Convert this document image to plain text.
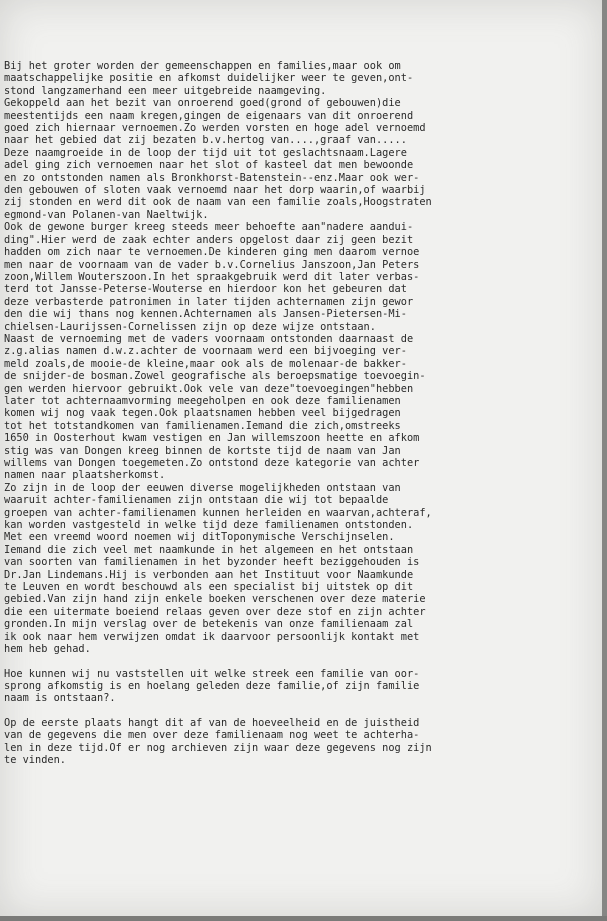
Bij het groter worden der gemeenschappen en families,maar ook om
maatschappelijke positie en afkomst duidelijker weer te geven,ont-
stond langzamerhand een meer uitgebreide naamgeving.
Gekoppeld aan het bezit van onroerend goed(grond of gebouwen)die
meestentijds een naam kregen,gingen de eigenaars van dit onroerend
goed zich hiernaar vernoemen.Zo werden vorsten en hoge adel vernoemd
naar het gebied dat zij bezaten b.v.hertog van....,graaf van.....
Deze naamgroeide in de loop der tijd uit tot geslachtsnaam.Lagere
adel ging zich vernoemen naar het slot of kasteel dat men bewoonde
en zo ontstonden namen als Bronkhorst-Batenstein--enz.Maar ook wer-
den gebouwen of sloten vaak vernoemd naar het dorp waarin,of waarbij
zij stonden en werd dit ook de naam van een familie zoals,Hoogstraten
egmond-van Polanen-van Naeltwijk.
Ook de gewone burger kreeg steeds meer behoefte aan"nadere aandui-
ding".Hier werd de zaak echter anders opgelost daar zij geen bezit
hadden om zich naar te vernoemen.De kinderen ging men daarom vernoe
men naar de voornaam van de vader b.v.Cornelius Janszoon,Jan Peters
zoon,Willem Wouterszoon.In het spraakgebruik werd dit later verbas-
terd tot Jansse-Peterse-Wouterse en hierdoor kon het gebeuren dat
deze verbasterde patronimen in later tijden achternamen zijn gewor
den die wij thans nog kennen.Achternamen als Jansen-Pietersen-Mi-
chielsen-Laurijssen-Cornelissen zijn op deze wijze ontstaan.
Naast de vernoeming met de vaders voornaam ontstonden daarnaast de
z.g.alias namen d.w.z.achter de voornaam werd een bijvoeging ver-
meld zoals,de mooie-de kleine,maar ook als de molenaar-de bakker-
de snijder-de bosman.Zowel geografische als beroepsmatige toevoegin-
gen werden hiervoor gebruikt.Ook vele van deze"toevoegingen"hebben
later tot achternaamvorming meegeholpen en ook deze familienamen
komen wij nog vaak tegen.Ook plaatsnamen hebben veel bijgedragen
tot het totstandkomen van familienamen.Iemand die zich,omstreeks
1650 in Oosterhout kwam vestigen en Jan willemszoon heette en afkom
stig was van Dongen kreeg binnen de kortste tijd de naam van Jan
willems van Dongen toegemeten.Zo ontstond deze kategorie van achter
namen naar plaatsherkomst.
Zo zijn in de loop der eeuwen diverse mogelijkheden ontstaan van
waaruit achter-familienamen zijn ontstaan die wij tot bepaalde
groepen van achter-familienamen kunnen herleiden en waarvan,achteraf,
kan worden vastgesteld in welke tijd deze familienamen ontstonden.
Met een vreemd woord noemen wij ditToponymische Verschijnselen.
Iemand die zich veel met naamkunde in het algemeen en het ontstaan
van soorten van familienamen in het byzonder heeft beziggehouden is
Dr.Jan Lindemans.Hij is verbonden aan het Instituut voor Naamkunde
te Leuven en wordt beschouwd als een specialist bij uitstek op dit
gebied.Van zijn hand zijn enkele boeken verschenen over deze materie
die een uitermate boeiend relaas geven over deze stof en zijn achter
gronden.In mijn verslag over de betekenis van onze familienaam zal
ik ook naar hem verwijzen omdat ik daarvoor persoonlijk kontakt met
hem heb gehad.
Hoe kunnen wij nu vaststellen uit welke streek een familie van oor-
sprong afkomstig is en hoelang geleden deze familie,of zijn familie
naam is ontstaan?.
Op de eerste plaats hangt dit af van de hoeveelheid en de juistheid
van de gegevens die men over deze familienaam nog weet te achterha-
len in deze tijd.Of er nog archieven zijn waar deze gegevens nog zijn
te vinden.
